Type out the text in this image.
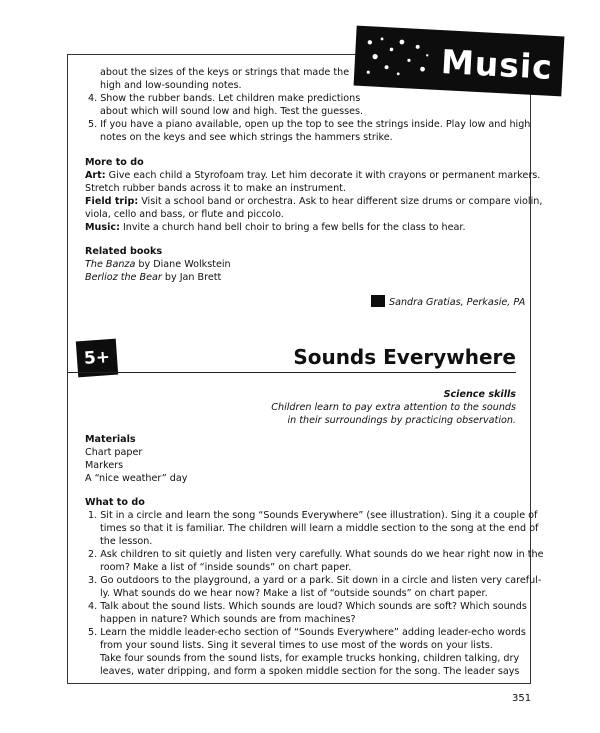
Music
about the sizes of the keys or strings that made the
high and low-sounding notes.
4. Show the rubber bands. Let children make predictions
about which will sound low and high. Test the guesses.
5. If you have a piano available, open up the top to see the strings inside. Play low and high
notes on the keys and see which strings the hammers strike.
More to do
Art: Give each child a Styrofoam tray. Let him decorate it with crayons or permanent markers.
Stretch rubber bands across it to make an instrument.
Field trip: Visit a school band or orchestra. Ask to hear different size drums or compare violin,
viola, cello and bass, or flute and piccolo.
Music: Invite a church hand bell choir to bring a few bells for the class to hear.
Related books
The Banza by Diane Wolkstein
Berlioz the Bear by Jan Brett
Sandra Gratias, Perkasie, PA
5+	Sounds Everywhere
Science skills
Children learn to pay extra attention to the sounds
in their surroundings by practicing observation.
Materials
Chart paper
Markers
A “nice weather” day
What to do
1. Sit in a circle and learn the song “Sounds Everywhere” (see illustration). Sing it a couple of
times so that it is familiar. The children will learn a middle section to the song at the end of
the lesson.
2. Ask children to sit quietly and listen very carefully. What sounds do we hear right now in the
room? Make a list of “inside sounds” on chart paper.
3. Go outdoors to the playground, a yard or a park. Sit down in a circle and listen very careful-
ly. What sounds do we hear now? Make a list of “outside sounds” on chart paper.
4. Talk about the sound lists. Which sounds are loud? Which sounds are soft? Which sounds
happen in nature? Which sounds are from machines?
5. Learn the middle leader-echo section of “Sounds Everywhere” adding leader-echo words
from your sound lists. Sing it several times to use most of the words on your lists.
Take four sounds from the sound lists, for example trucks honking, children talking, dry
leaves, water dripping, and form a spoken middle section for the song. The leader says
351
